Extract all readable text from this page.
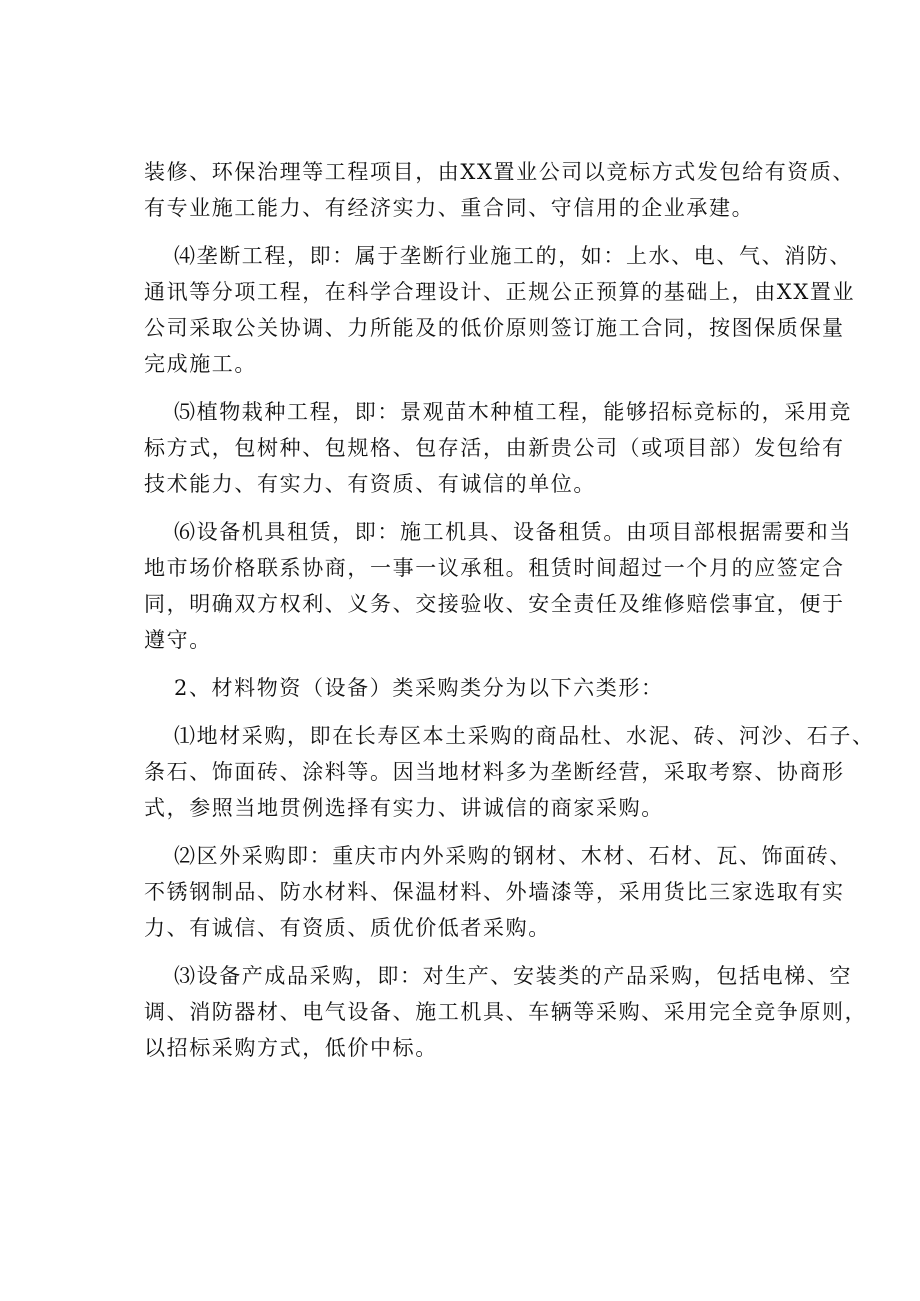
装修、环保治理等工程项目，由XX置业公司以竞标方式发包给有资质、
有专业施工能力、有经济实力、重合同、守信用的企业承建。

⑷垄断工程，即：属于垄断行业施工的，如：上水、电、气、消防、
通讯等分项工程，在科学合理设计、正规公正预算的基础上，由XX置业
公司采取公关协调、力所能及的低价原则签订施工合同，按图保质保量
完成施工。

⑸植物栽种工程，即：景观苗木种植工程，能够招标竞标的，采用竞
标方式，包树种、包规格、包存活，由新贵公司（或项目部）发包给有
技术能力、有实力、有资质、有诚信的单位。

⑹设备机具租赁，即：施工机具、设备租赁。由项目部根据需要和当
地市场价格联系协商，一事一议承租。租赁时间超过一个月的应签定合
同，明确双方权利、义务、交接验收、安全责任及维修赔偿事宜，便于
遵守。

2、材料物资（设备）类采购类分为以下六类形：

⑴地材采购，即在长寿区本土采购的商品杜、水泥、砖、河沙、石子、
条石、饰面砖、涂料等。因当地材料多为垄断经营，采取考察、协商形
式，参照当地贯例选择有实力、讲诚信的商家采购。

⑵区外采购即：重庆市内外采购的钢材、木材、石材、瓦、饰面砖、
不锈钢制品、防水材料、保温材料、外墙漆等，采用货比三家选取有实
力、有诚信、有资质、质优价低者采购。

⑶设备产成品采购，即：对生产、安装类的产品采购，包括电梯、空
调、消防器材、电气设备、施工机具、车辆等采购、采用完全竞争原则，
以招标采购方式，低价中标。
